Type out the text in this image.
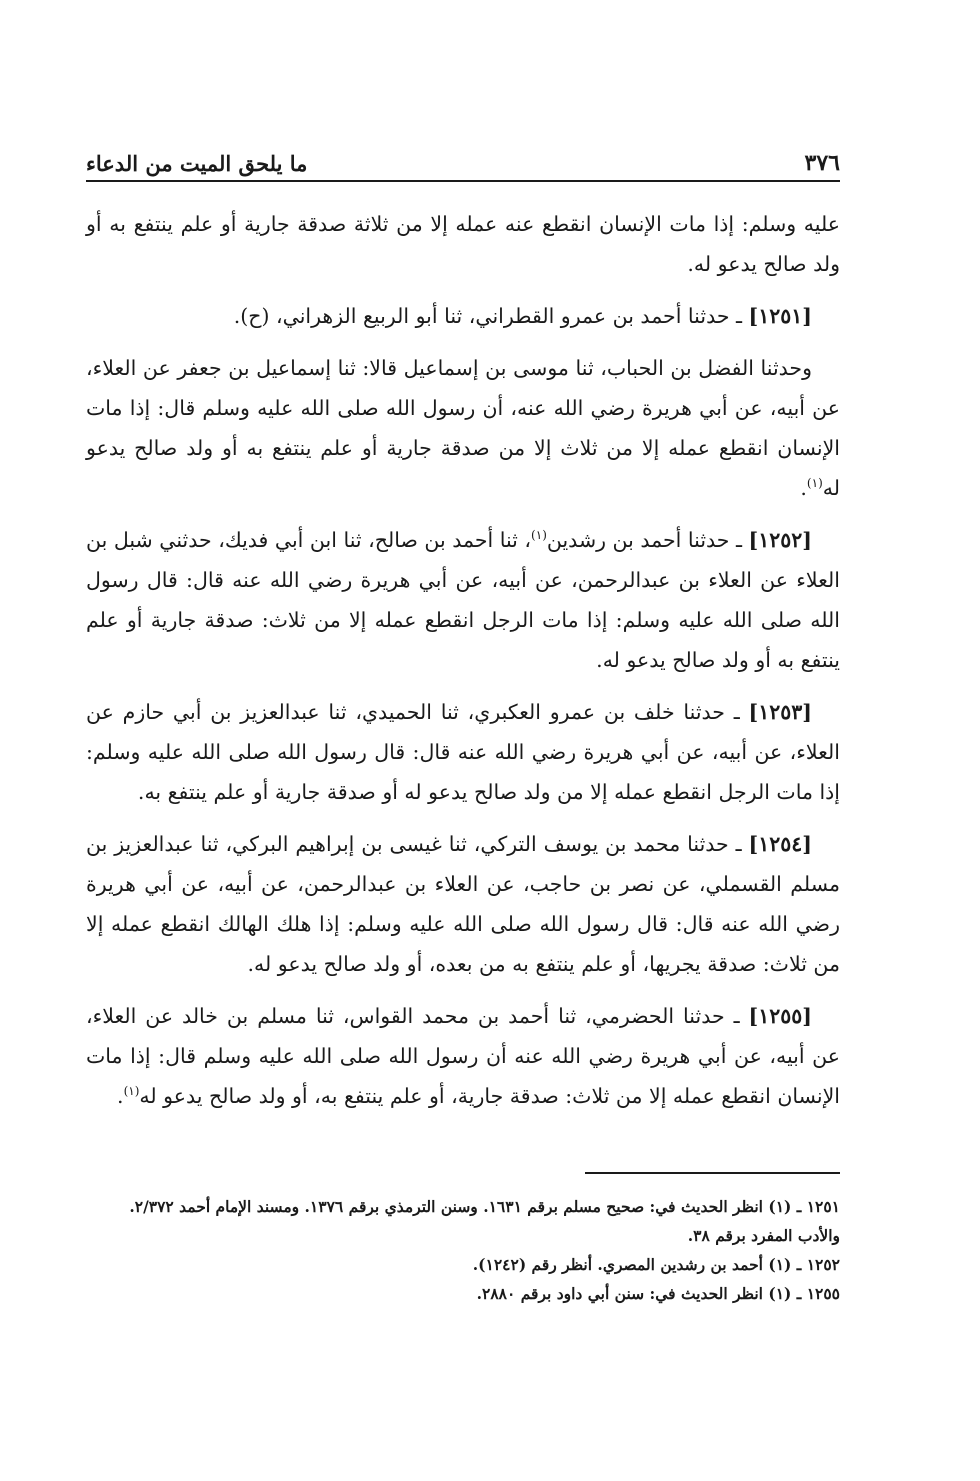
٣٧٦
ما يلحق الميت من الدعاء

عليه وسلم: إذا مات الإنسان انقطع عنه عمله إلا من ثلاثة صدقة جارية أو علم ينتفع به أو ولد صالح يدعو له.

[١٢٥١] ـ حدثنا أحمد بن عمرو القطراني، ثنا أبو الربيع الزهراني، (ح).

وحدثنا الفضل بن الحباب، ثنا موسى بن إسماعيل قالا: ثنا إسماعيل بن جعفر عن العلاء، عن أبيه، عن أبي هريرة رضي الله عنه، أن رسول الله صلى الله عليه وسلم قال: إذا مات الإنسان انقطع عمله إلا من ثلاث إلا من صدقة جارية أو علم ينتفع به أو ولد صالح يدعو له$^{(١)}$.

[١٢٥٢] ـ حدثنا أحمد بن رشدين$^{(١)}$، ثنا أحمد بن صالح، ثنا ابن أبي فديك، حدثني شبل بن العلاء عن العلاء بن عبدالرحمن، عن أبيه، عن أبي هريرة رضي الله عنه قال: قال رسول الله صلى الله عليه وسلم: إذا مات الرجل انقطع عمله إلا من ثلاث: صدقة جارية أو علم ينتفع به أو ولد صالح يدعو له.

[١٢٥٣] ـ حدثنا خلف بن عمرو العكبري، ثنا الحميدي، ثنا عبدالعزيز بن أبي حازم عن العلاء، عن أبيه، عن أبي هريرة رضي الله عنه قال: قال رسول الله صلى الله عليه وسلم: إذا مات الرجل انقطع عمله إلا من ولد صالح يدعو له أو صدقة جارية أو علم ينتفع به.

[١٢٥٤] ـ حدثنا محمد بن يوسف التركي، ثنا غيسى بن إبراهيم البركي، ثنا عبدالعزيز بن مسلم القسملي، عن نصر بن حاجب، عن العلاء بن عبدالرحمن، عن أبيه، عن أبي هريرة رضي الله عنه قال: قال رسول الله صلى الله عليه وسلم: إذا هلك الهالك انقطع عمله إلا من ثلاث: صدقة يجريها، أو علم ينتفع به من بعده، أو ولد صالح يدعو له.

[١٢٥٥] ـ حدثنا الحضرمي، ثنا أحمد بن محمد القواس، ثنا مسلم بن خالد عن العلاء، عن أبيه، عن أبي هريرة رضي الله عنه أن رسول الله صلى الله عليه وسلم قال: إذا مات الإنسان انقطع عمله إلا من ثلاث: صدقة جارية، أو علم ينتفع به، أو ولد صالح يدعو له$^{(١)}$.

١٢٥١ ـ (١) انظر الحديث في: صحيح مسلم برقم ١٦٣١. وسنن الترمذي برقم ١٣٧٦. ومسند الإمام أحمد ٢/٣٧٢. والأدب المفرد برقم ٣٨.

١٢٥٢ ـ (١) أحمد بن رشدين المصري. أنظر رقم (١٢٤٢).

١٢٥٥ ـ (١) انظر الحديث في: سنن أبي داود برقم ٢٨٨٠.
